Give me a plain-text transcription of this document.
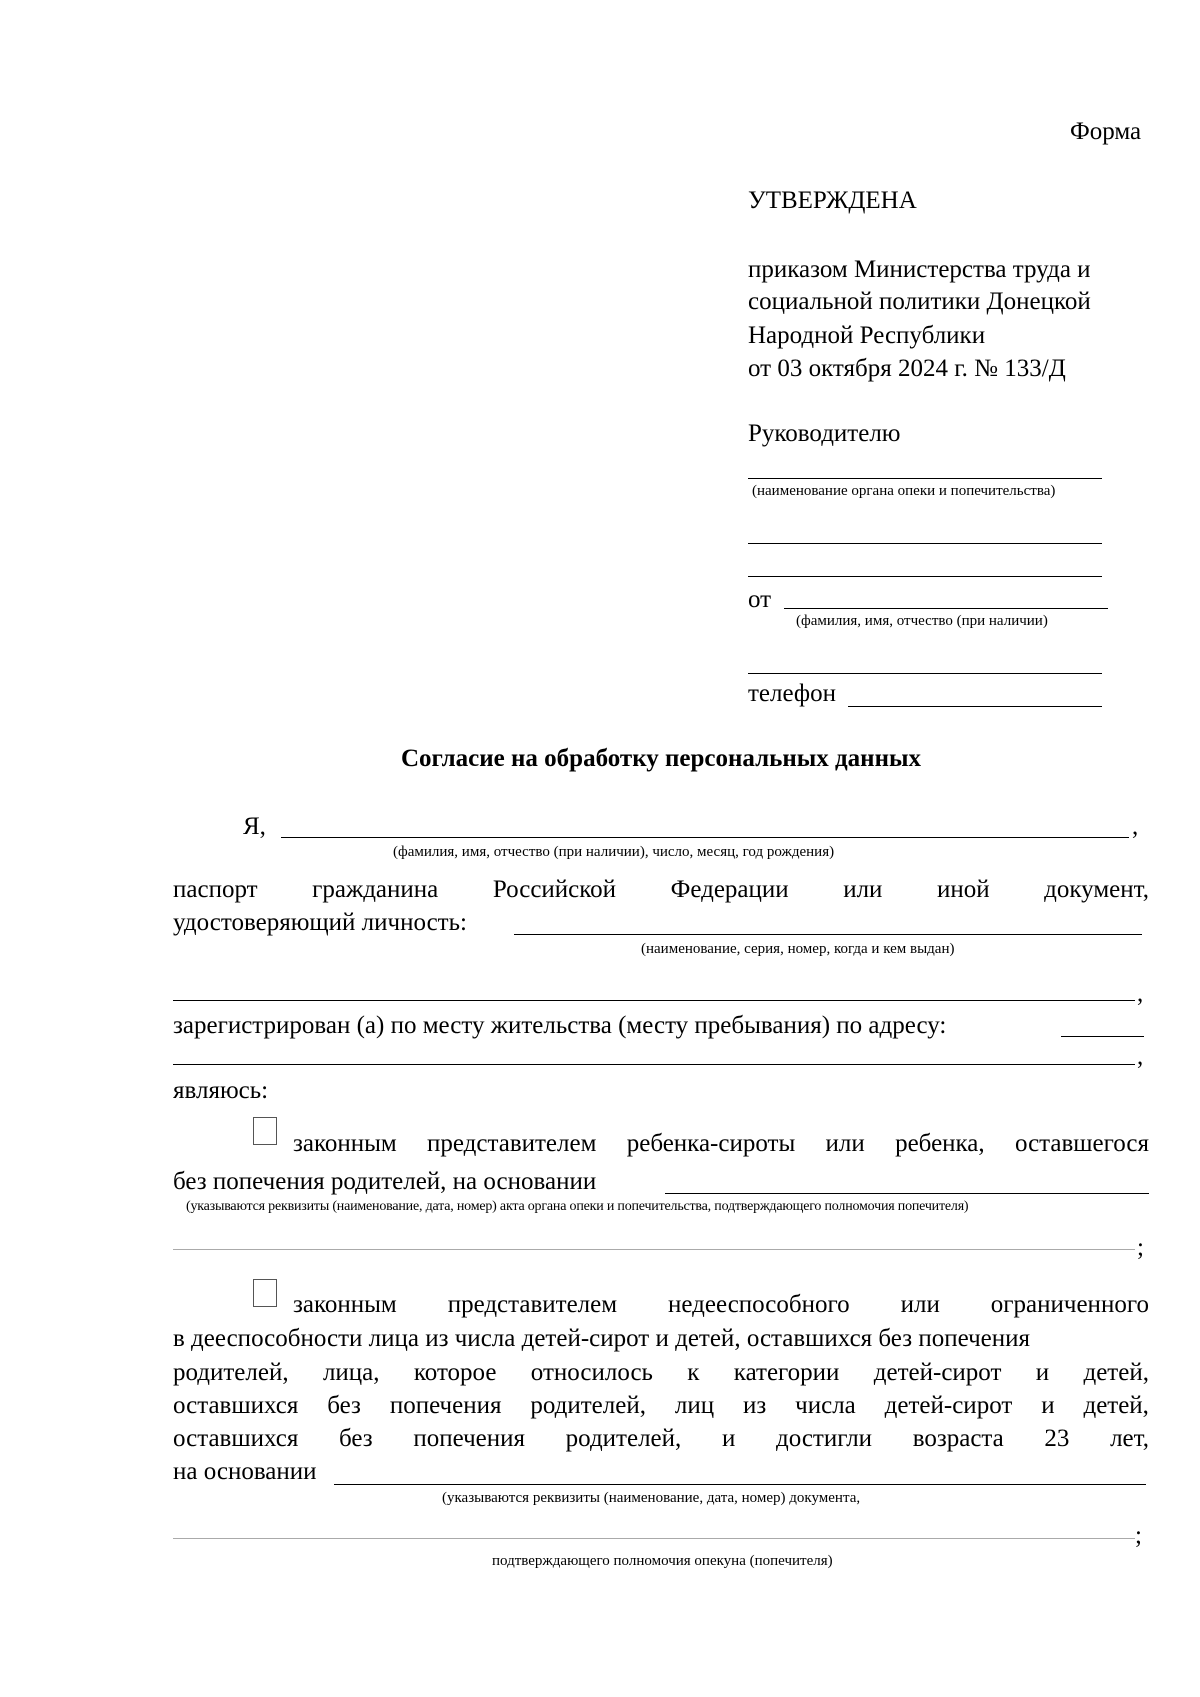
Форма
УТВЕРЖДЕНА
приказом Министерства труда и
социальной политики Донецкой
Народной Республики
от 03 октября 2024 г. № 133/Д
Руководителю
(наименование органа опеки и попечительства)
от
(фамилия, имя, отчество (при наличии)
телефон
Согласие на обработку персональных данных
Я,	,
(фамилия, имя, отчество (при наличии), число, месяц, год рождения)
паспорт гражданина Российской Федерации или иной документ,
удостоверяющий личность:
(наименование, серия, номер, когда и кем выдан)
,
зарегистрирован (а) по месту жительства (месту пребывания) по адресу:
,
являюсь:
законным представителем ребенка-сироты или ребенка, оставшегося
без попечения родителей, на основании
(указываются реквизиты (наименование, дата, номер) акта органа опеки и попечительства, подтверждающего полномочия попечителя)
;
законным представителем недееспособного или ограниченного
в дееспособности лица из числа детей-сирот и детей, оставшихся без попечения
родителей, лица, которое относилось к категории детей-сирот и детей,
оставшихся без попечения родителей, лиц из числа детей-сирот и детей,
оставшихся без попечения родителей, и достигли возраста 23 лет,
на основании
(указываются реквизиты (наименование, дата, номер) документа,
;
подтверждающего полномочия опекуна (попечителя)
